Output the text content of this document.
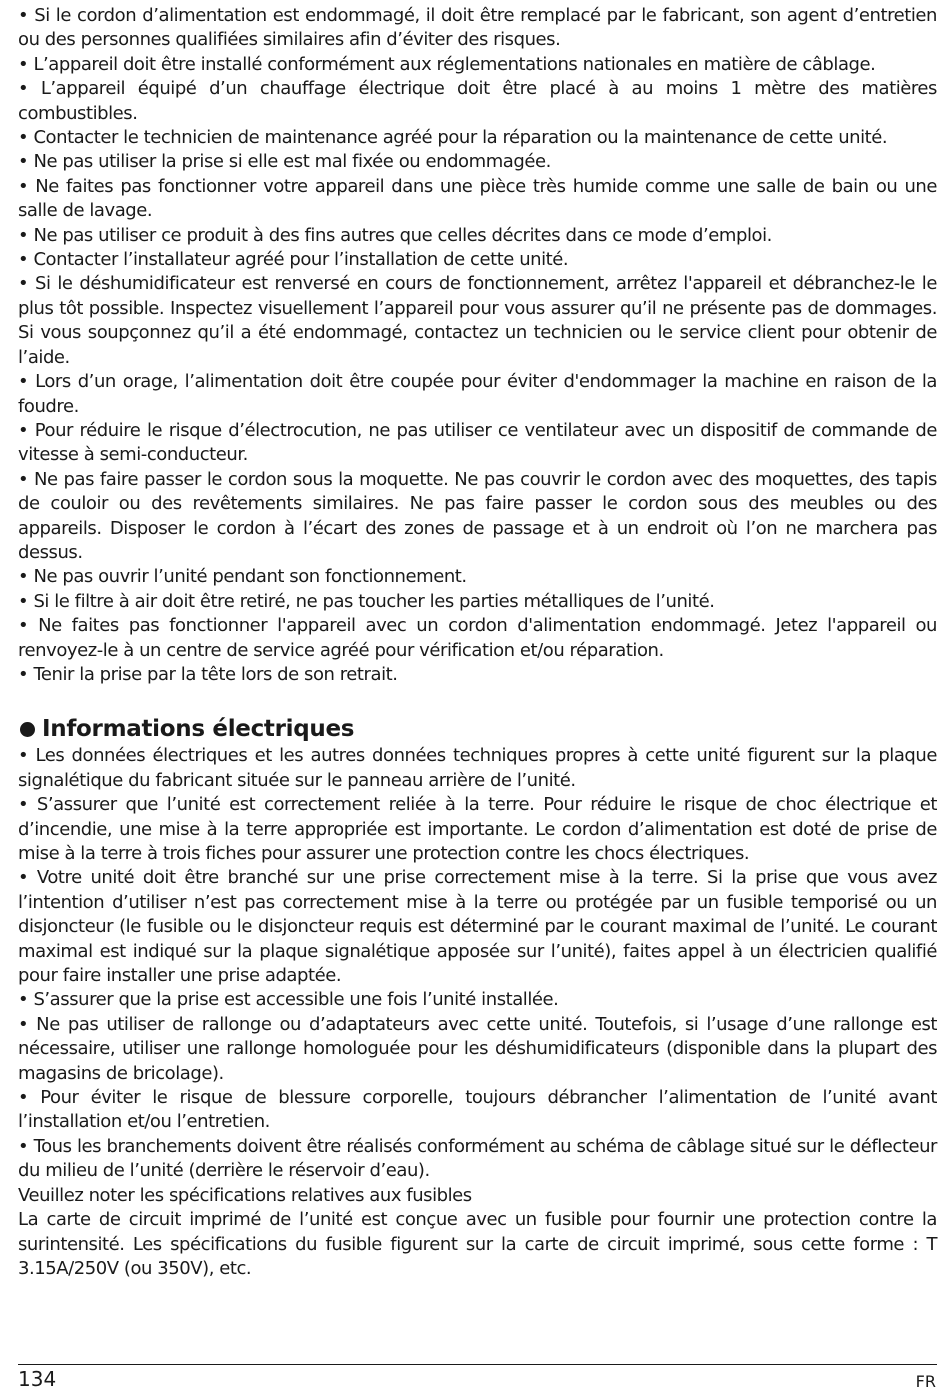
• Si le cordon d’alimentation est endommagé, il doit être remplacé par le fabricant, son agent d’entretien ou des personnes qualifiées similaires afin d’éviter des risques.

• L’appareil doit être installé conformément aux réglementations nationales en matière de câblage.

• L’appareil équipé d’un chauffage électrique doit être placé à au moins 1 mètre des matières combustibles.

• Contacter le technicien de maintenance agréé pour la réparation ou la maintenance de cette unité.

• Ne pas utiliser la prise si elle est mal fixée ou endommagée.

• Ne faites pas fonctionner votre appareil dans une pièce très humide comme une salle de bain ou une salle de lavage.

• Ne pas utiliser ce produit à des fins autres que celles décrites dans ce mode d’emploi.

• Contacter l’installateur agréé pour l’installation de cette unité.

• Si le déshumidificateur est renversé en cours de fonctionnement, arrêtez l'appareil et débranchez-le le plus tôt possible. Inspectez visuellement l’appareil pour vous assurer qu’il ne présente pas de dommages. Si vous soupçonnez qu’il a été endommagé, contactez un technicien ou le service client pour obtenir de l’aide.

• Lors d’un orage, l’alimentation doit être coupée pour éviter d'endommager la machine en raison de la foudre.

• Pour réduire le risque d’électrocution, ne pas utiliser ce ventilateur avec un dispositif de commande de vitesse à semi-conducteur.

• Ne pas faire passer le cordon sous la moquette. Ne pas couvrir le cordon avec des moquettes, des tapis de couloir ou des revêtements similaires. Ne pas faire passer le cordon sous des meubles ou des appareils. Disposer le cordon à l’écart des zones de passage et à un endroit où l’on ne marchera pas dessus.

• Ne pas ouvrir l’unité pendant son fonctionnement.

• Si le filtre à air doit être retiré, ne pas toucher les parties métalliques de l’unité.

• Ne faites pas fonctionner l'appareil avec un cordon d'alimentation endommagé. Jetez l'appareil ou renvoyez-le à un centre de service agréé pour vérification et/ou réparation.

• Tenir la prise par la tête lors de son retrait.

Informations électriques

• Les données électriques et les autres données techniques propres à cette unité figurent sur la plaque signalétique du fabricant située sur le panneau arrière de l’unité.

• S’assurer que l’unité est correctement reliée à la terre. Pour réduire le risque de choc électrique et d’incendie, une mise à la terre appropriée est importante. Le cordon d’alimentation est doté de prise de mise à la terre à trois fiches pour assurer une protection contre les chocs électriques.

• Votre unité doit être branché sur une prise correctement mise à la terre. Si la prise que vous avez l’intention d’utiliser n’est pas correctement mise à la terre ou protégée par un fusible temporisé ou un disjoncteur (le fusible ou le disjoncteur requis est déterminé par le courant maximal de l’unité. Le courant maximal est indiqué sur la plaque signalétique apposée sur l’unité), faites appel à un électricien qualifié pour faire installer une prise adaptée.

• S’assurer que la prise est accessible une fois l’unité installée.

• Ne pas utiliser de rallonge ou d’adaptateurs avec cette unité. Toutefois, si l’usage d’une rallonge est nécessaire, utiliser une rallonge homologuée pour les déshumidificateurs (disponible dans la plupart des magasins de bricolage).

• Pour éviter le risque de blessure corporelle, toujours débrancher l’alimentation de l’unité avant l’installation et/ou l’entretien.

• Tous les branchements doivent être réalisés conformément au schéma de câblage situé sur le déflecteur du milieu de l’unité (derrière le réservoir d’eau).

Veuillez noter les spécifications relatives aux fusibles

La carte de circuit imprimé de l’unité est conçue avec un fusible pour fournir une protection contre la surintensité. Les spécifications du fusible figurent sur la carte de circuit imprimé, sous cette forme : T 3.15A/250V (ou 350V), etc.

134	FR
